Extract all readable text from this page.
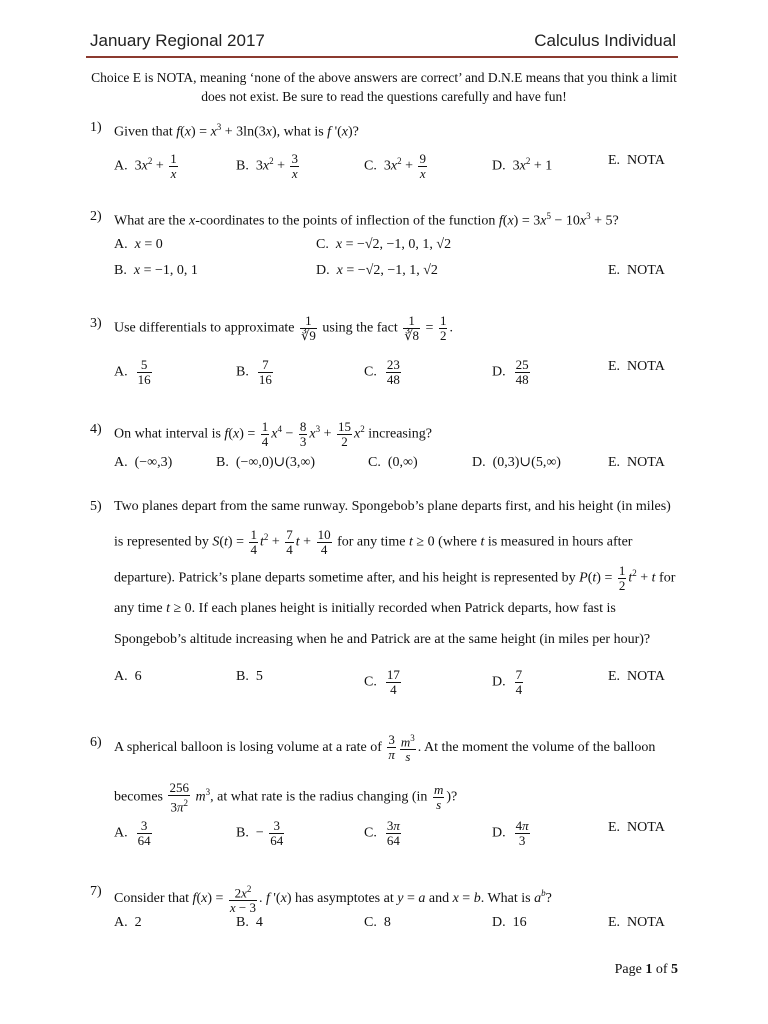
January Regional 2017	Calculus Individual
Choice E is NOTA, meaning ‘none of the above answers are correct’ and D.N.E means that you think a limit does not exist. Be sure to read the questions carefully and have fun!
1) Given that $f(x) = x^3 + 3\ln(3x)$, what is f '(x)?
A.  $3x^2 + \frac{1}{x}$	B.  $3x^2 + \frac{3}{x}$	C.  $3x^2 + \frac{9}{x}$	D.  $3x^2 + 1$	E.  NOTA
2) What are the x-coordinates to the points of inflection of the function $f(x) = 3x^5 - 10x^3 + 5$?
A.  x = 0	C.  x = −√2, −1, 0, 1, √2
B.  x = −1, 0, 1	D.  x = −√2, −1, 1, √2	E.  NOTA
3) Use differentials to approximate $\frac{1}{∛9}$ using the fact $\frac{1}{∛8} = \frac{1}{2}$ .
A. $\frac{5}{16}$	B. $\frac{7}{16}$	C. $\frac{23}{48}$	D. $\frac{25}{48}$	E.  NOTA
4) On what interval is $f(x) = \frac{1}{4} x^4 - \frac{8}{3} x^3 + \frac{15}{2} x^2$ increasing?
A.  (−∞,3)	B.  (−∞,0)∪(3,∞)	C.  (0,∞)	D.  (0,3)∪(5,∞)	E.  NOTA
5) Two planes depart from the same runway. Spongebob’s plane departs first, and his height (in miles) is represented by $S(t) = \frac{1}{4} t^2 + \frac{7}{4}$ $t + \frac{10}{4}$ for any time t ≥ 0 (where t is measured in hours after departure). Patrick’s plane departs sometime after, and his height is represented by $P(t) = \frac{1}{2} t^2 + t$ for any time t ≥ 0. If each planes height is initially recorded when Patrick departs, how fast is Spongebob’s altitude increasing when he and Patrick are at the same height (in miles per hour)?
A.  6	B.  5	C. $\frac{17}{4}$	D. $\frac{7}{4}$	E.  NOTA
6) A spherical balloon is losing volume at a rate of $\frac{3}{\pi} \frac{m^3}{s}$ . At the moment the volume of the balloon becomes $\frac{256}{3\pi^2} m^3$, at what rate is the radius changing ($in \frac{m}{s}$ )?
A. $\frac{3}{64}$	B.  − $\frac{3}{64}$	C. $\frac{3\pi}{64}$	D. $\frac{4\pi}{3}$	E.  NOTA
7) Consider that $f(x) = \frac{2x^2}{x - 3}$ . f '(x) has asymptotes at y = a and x = b. What is $a^b$?
A.  2	B.  4	C.  8	D.  16	E.  NOTA
Page 1 of 5
